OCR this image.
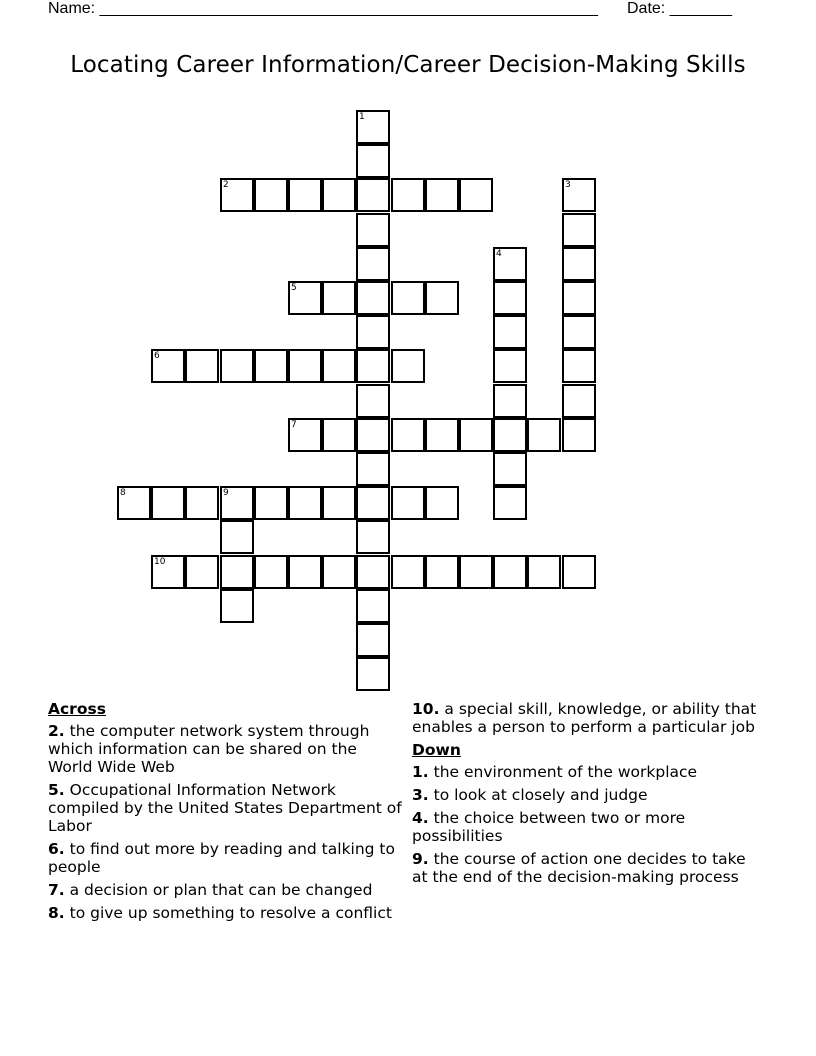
Name: ________________________________________________________ Date: _______
Locating Career Information/Career Decision-Making Skills
1
2	3
4
5
6
7
8	9
10
Across
2. the computer network system through which information can be shared on the World Wide Web
5. Occupational Information Network compiled by the United States Department of Labor
6. to find out more by reading and talking to people
7. a decision or plan that can be changed
8. to give up something to resolve a conflict
10. a special skill, knowledge, or ability that enables a person to perform a particular job
Down
1. the environment of the workplace
3. to look at closely and judge
4. the choice between two or more possibilities
9. the course of action one decides to take at the end of the decision-making process
